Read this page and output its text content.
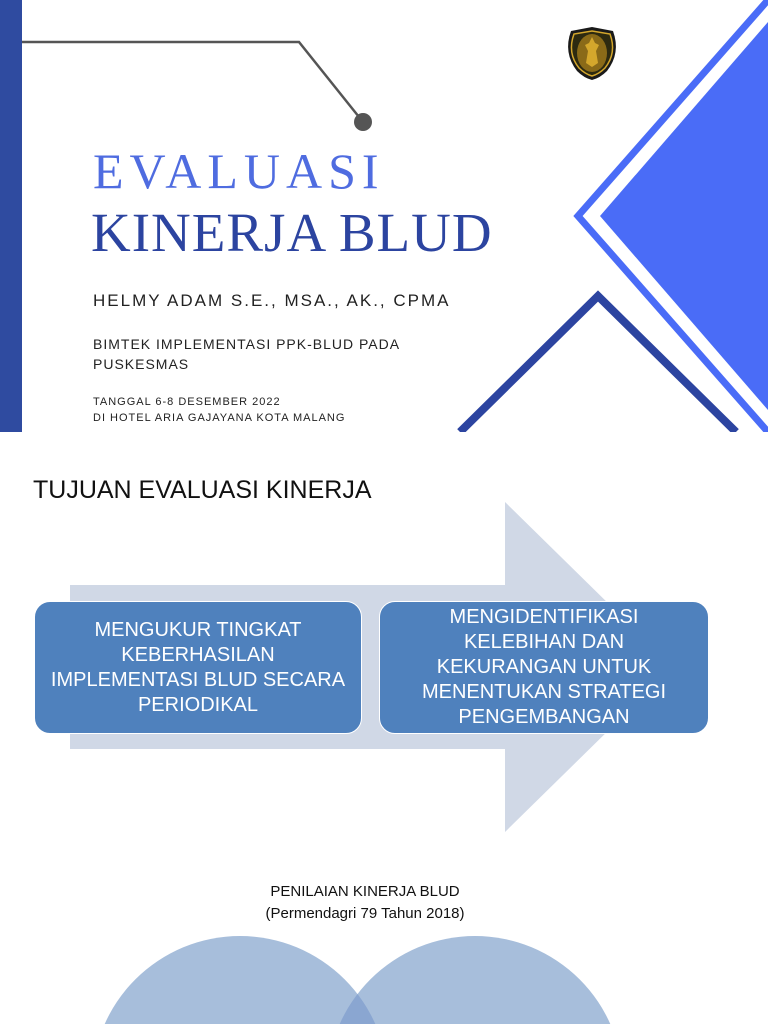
EVALUASI
KINERJA BLUD
HELMY ADAM S.E., MSA., AK., CPMA
BIMTEK IMPLEMENTASI PPK-BLUD PADA PUSKESMAS
TANGGAL 6-8 DESEMBER 2022
DI HOTEL ARIA GAJAYANA KOTA MALANG
TUJUAN EVALUASI KINERJA
MENGUKUR TINGKAT KEBERHASILAN IMPLEMENTASI BLUD SECARA PERIODIKAL
MENGIDENTIFIKASI KELEBIHAN DAN KEKURANGAN UNTUK MENENTUKAN STRATEGI PENGEMBANGAN
PENILAIAN KINERJA BLUD
(Permendagri 79 Tahun 2018)
